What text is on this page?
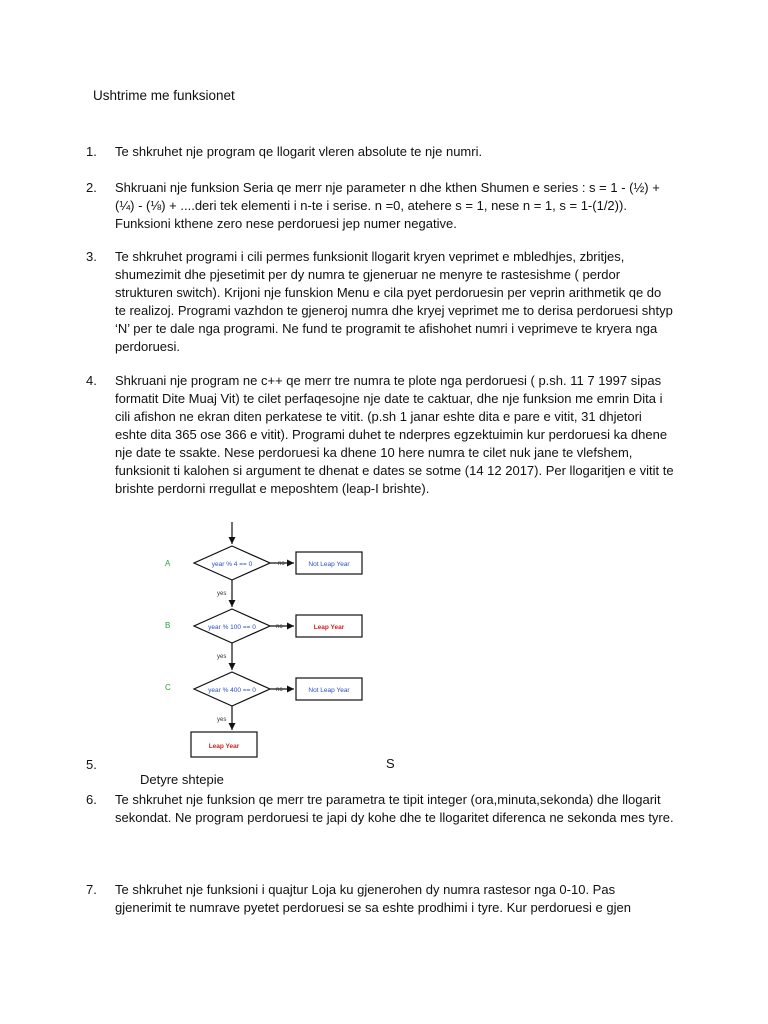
Ushtrime me funksionet
1. Te shkruhet nje program qe llogarit vleren absolute te nje numri.
2. Shkruani nje funksion Seria qe merr nje parameter n dhe kthen Shumen e series : s = 1 - (½) + (¼) - (⅛) + ....deri tek elementi i n-te i serise. n =0, atehere s = 1, nese n = 1, s = 1-(1/2)). Funksioni kthene zero nese perdoruesi jep numer negative.
3. Te shkruhet programi i cili permes funksionit llogarit kryen veprimet e mbledhjes, zbritjes, shumezimit dhe pjesetimit per dy numra te gjeneruar ne menyre te rastesishme ( perdor strukturen switch). Krijoni nje funskion Menu e cila pyet perdoruesin per veprin arithmetik qe do te realizoj. Programi vazhdon te gjeneroj numra dhe kryej veprimet me to derisa perdoruesi shtyp ‘N’ per te dale nga programi. Ne fund te programit te afishohet numri i veprimeve te kryera nga perdoruesi.
4. Shkruani nje program ne c++ qe merr tre numra te plote nga perdoruesi ( p.sh. 11 7 1997 sipas formatit Dite Muaj Vit) te cilet perfaqesojne nje date te caktuar, dhe nje funksion me emrin Dita i cili afishon ne ekran diten perkatese te vitit. (p.sh 1 janar eshte dita e pare e vitit, 31 dhjetori eshte dita 365 ose 366 e vitit). Programi duhet te nderpres egzektuimin kur perdoruesi ka dhene nje date te ssakte. Nese perdoruesi ka dhene 10 here numra te cilet nuk jane te vlefshem, funksionit ti kalohen si argument te dhenat e dates se sotme (14 12 2017). Per llogaritjen e vitit te brishte perdorni rregullat e meposhtem (leap-I brishte).
A	year % 4 == 0	no	Not Leap Year
yes
B	year % 100 == 0	no	Leap Year
yes
C	year % 400 == 0	no	Not Leap Year
yes
Leap Year
5.	S
Detyre shtepie
6. Te shkruhet nje funksion qe merr tre parametra te tipit integer (ora,minuta,sekonda) dhe llogarit sekondat. Ne program perdoruesi te japi dy kohe dhe te llogaritet diferenca ne sekonda mes tyre.
7. Te shkruhet nje funksioni i quajtur Loja ku gjenerohen dy numra rastesor nga 0-10. Pas gjenerimit te numrave pyetet perdoruesi se sa eshte prodhimi i tyre. Kur perdoruesi e gjen
